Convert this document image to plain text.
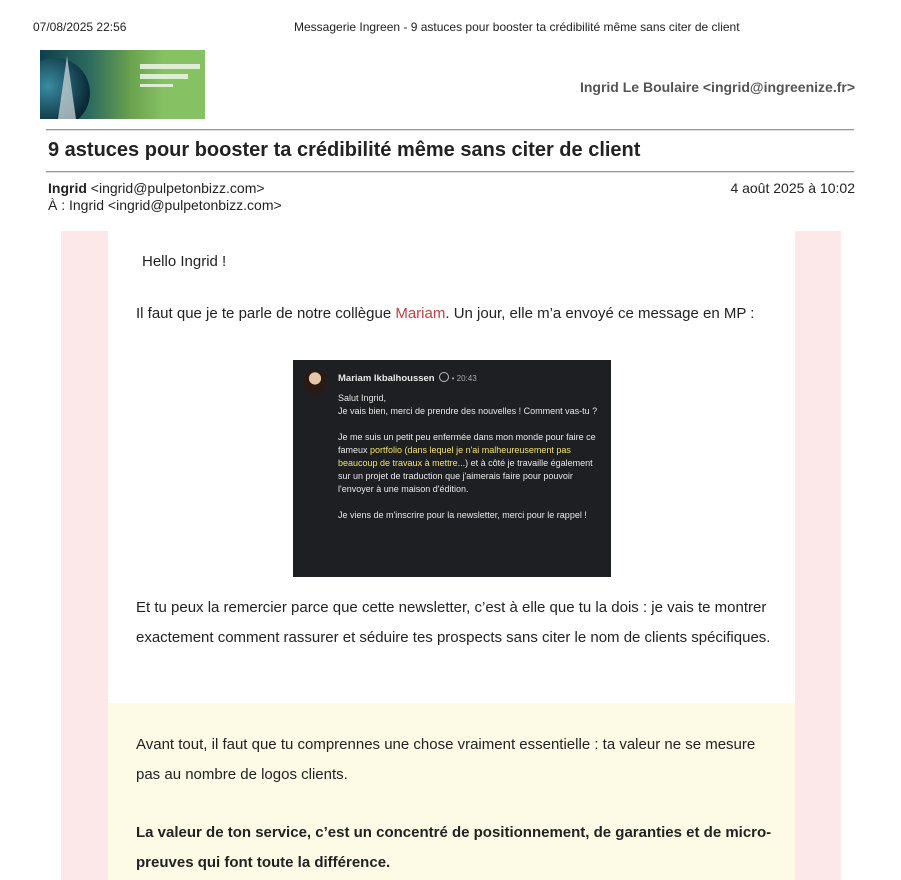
07/08/2025 22:56	Messagerie Ingreen - 9 astuces pour booster ta crédibilité même sans citer de client
Ingrid Le Boulaire <ingrid@ingreenize.fr>
9 astuces pour booster ta crédibilité même sans citer de client
Ingrid <ingrid@pulpetonbizz.com>
À : Ingrid <ingrid@pulpetonbizz.com>
4 août 2025 à 10:02
Hello Ingrid !
Il faut que je te parle de notre collègue Mariam. Un jour, elle m’a envoyé ce message en MP :
Mariam Ikbalhoussen • 20:43

Salut Ingrid,
Je vais bien, merci de prendre des nouvelles ! Comment vas-tu ?

Je me suis un petit peu enfermée dans mon monde pour faire ce fameux portfolio (dans lequel je n'ai malheureusement pas beaucoup de travaux à mettre...) et à côté je travaille également sur un projet de traduction que j'aimerais faire pour pouvoir l'envoyer à une maison d'édition.

Je viens de m'inscrire pour la newsletter, merci pour le rappel !

Et tu peux la remercier parce que cette newsletter, c’est à elle que tu la dois : je vais te montrer exactement comment rassurer et séduire tes prospects sans citer le nom de clients spécifiques.
Avant tout, il faut que tu comprennes une chose vraiment essentielle : ta valeur ne se mesure pas au nombre de logos clients.
La valeur de ton service, c’est un concentré de positionnement, de garanties et de micro-preuves qui font toute la différence.
